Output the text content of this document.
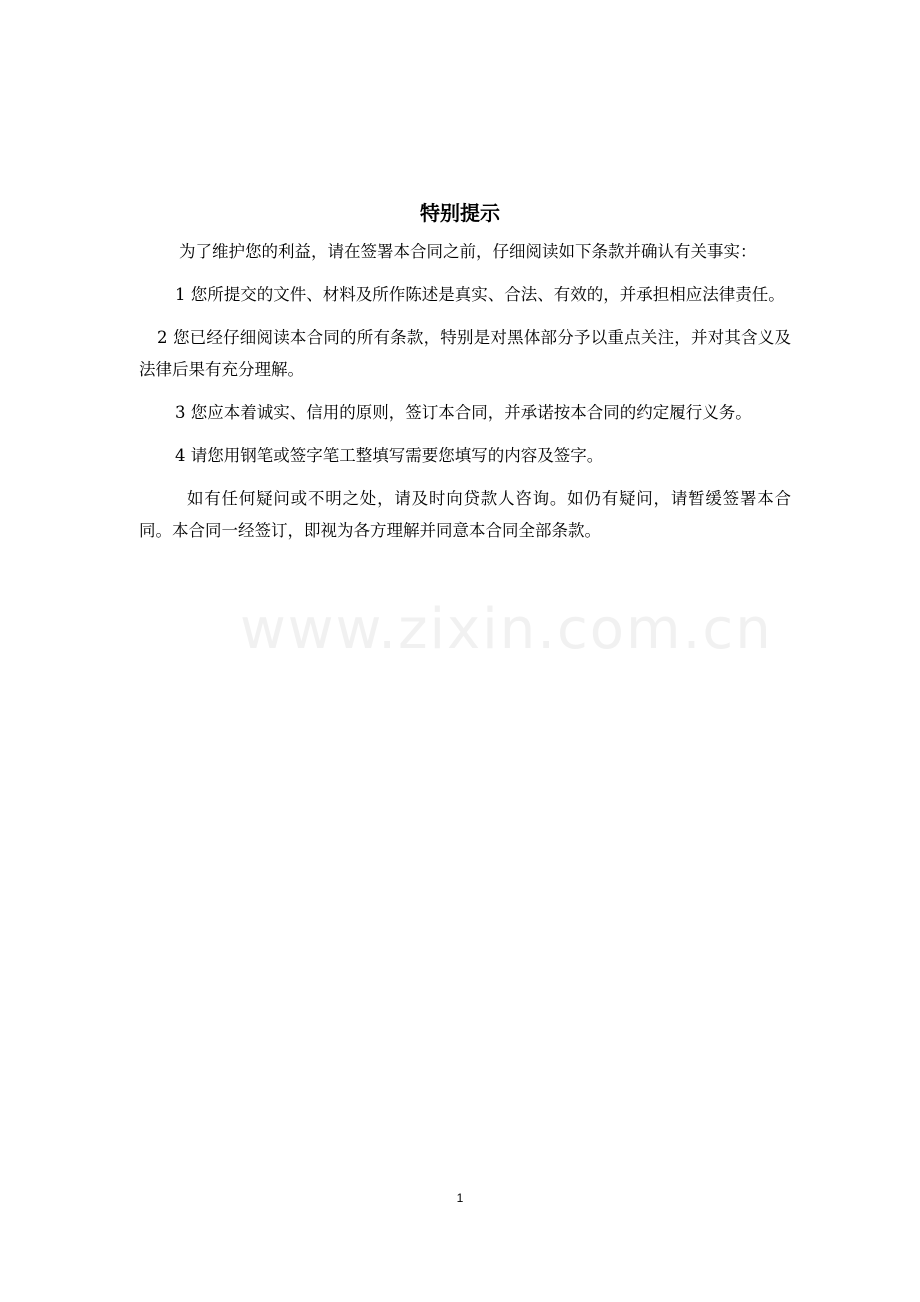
www.zixin.com.cn
特别提示

为了维护您的利益，请在签署本合同之前，仔细阅读如下条款并确认有关事实：

1 您所提交的文件、材料及所作陈述是真实、合法、有效的，并承担相应法律责任。

2 您已经仔细阅读本合同的所有条款，特别是对黑体部分予以重点关注，并对其含义及法律后果有充分理解。

3 您应本着诚实、信用的原则，签订本合同，并承诺按本合同的约定履行义务。

4 请您用钢笔或签字笔工整填写需要您填写的内容及签字。

如有任何疑问或不明之处，请及时向贷款人咨询。如仍有疑问，请暂缓签署本合同。本合同一经签订，即视为各方理解并同意本合同全部条款。

1
